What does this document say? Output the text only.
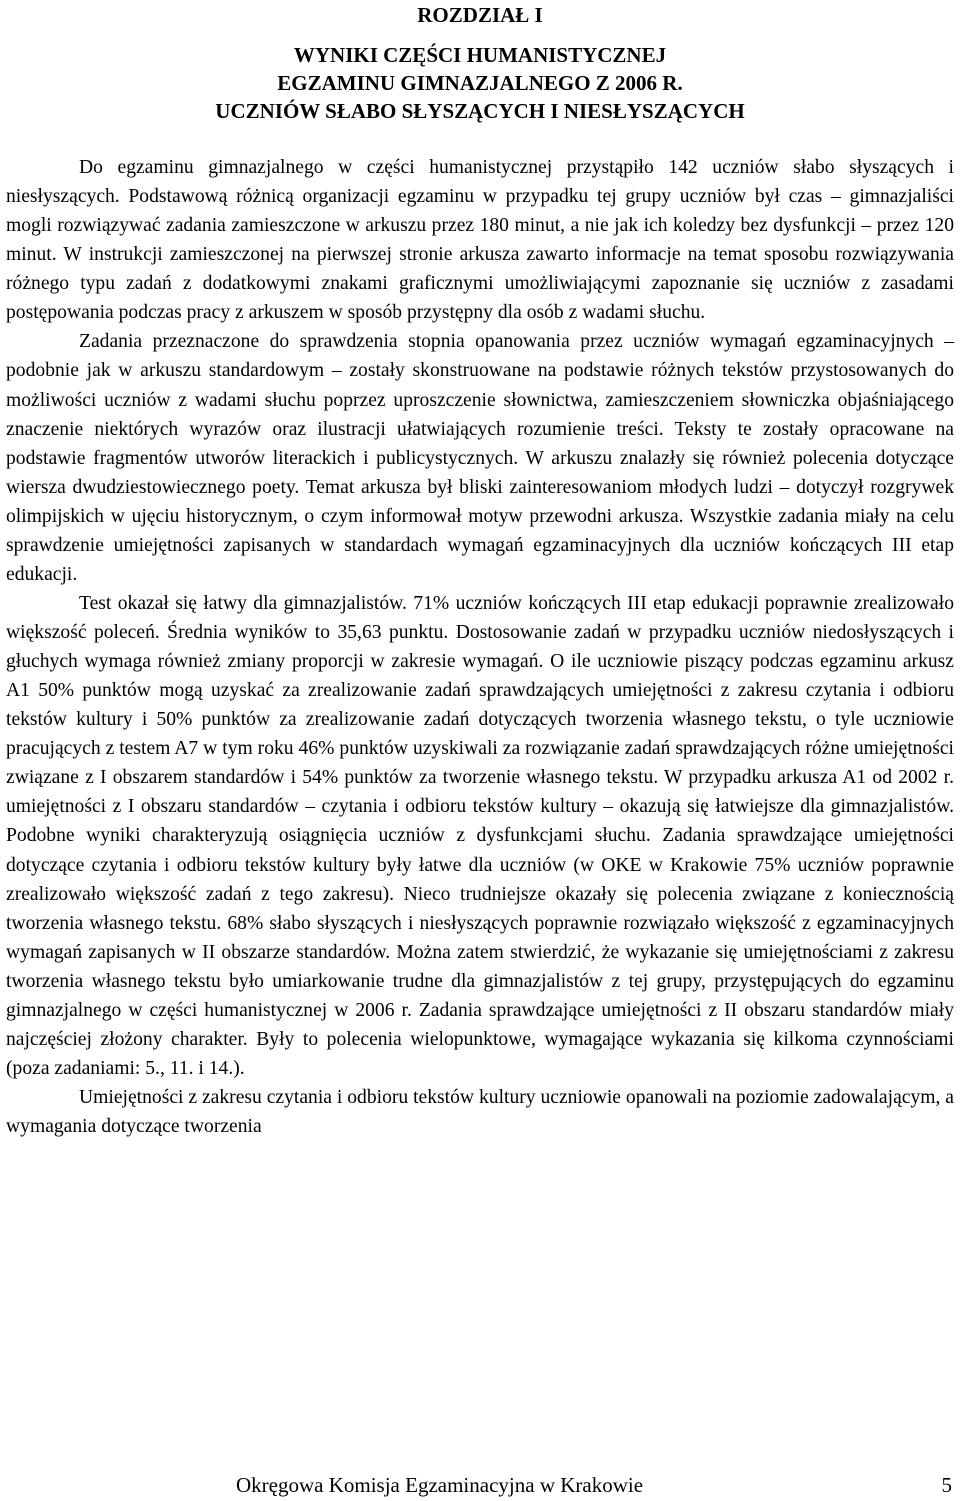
ROZDZIAŁ I
WYNIKI CZĘŚCI HUMANISTYCZNEJ
EGZAMINU GIMNAZJALNEGO Z 2006 R.
UCZNIÓW SŁABO SŁYSZĄCYCH I NIESŁYSZĄCYCH

Do egzaminu gimnazjalnego w części humanistycznej przystąpiło 142 uczniów słabo słyszących i niesłyszących. Podstawową różnicą organizacji egzaminu w przypadku tej grupy uczniów był czas – gimnazjaliści mogli rozwiązywać zadania zamieszczone w arkuszu przez 180 minut, a nie jak ich koledzy bez dysfunkcji – przez 120 minut. W instrukcji zamieszczonej na pierwszej stronie arkusza zawarto informacje na temat sposobu rozwiązywania różnego typu zadań z dodatkowymi znakami graficznymi umożliwiającymi zapoznanie się uczniów z zasadami postępowania podczas pracy z arkuszem w sposób przystępny dla osób z wadami słuchu.

Zadania przeznaczone do sprawdzenia stopnia opanowania przez uczniów wymagań egzaminacyjnych – podobnie jak w arkuszu standardowym – zostały skonstruowane na podstawie różnych tekstów przystosowanych do możliwości uczniów z wadami słuchu poprzez uproszczenie słownictwa, zamieszczeniem słowniczka objaśniającego znaczenie niektórych wyrazów oraz ilustracji ułatwiających rozumienie treści. Teksty te zostały opracowane na podstawie fragmentów utworów literackich i publicystycznych. W arkuszu znalazły się również polecenia dotyczące wiersza dwudziestowiecznego poety. Temat arkusza był bliski zainteresowaniom młodych ludzi – dotyczył rozgrywek olimpijskich w ujęciu historycznym, o czym informował motyw przewodni arkusza. Wszystkie zadania miały na celu sprawdzenie umiejętności zapisanych w standardach wymagań egzaminacyjnych dla uczniów kończących III etap edukacji.

Test okazał się łatwy dla gimnazjalistów. 71% uczniów kończących III etap edukacji poprawnie zrealizowało większość poleceń. Średnia wyników to 35,63 punktu. Dostosowanie zadań w przypadku uczniów niedosłyszących i głuchych wymaga również zmiany proporcji w zakresie wymagań. O ile uczniowie piszący podczas egzaminu arkusz A1 50% punktów mogą uzyskać za zrealizowanie zadań sprawdzających umiejętności z zakresu czytania i odbioru tekstów kultury i 50% punktów za zrealizowanie zadań dotyczących tworzenia własnego tekstu, o tyle uczniowie pracujących z testem A7 w tym roku 46% punktów uzyskiwali za rozwiązanie zadań sprawdzających różne umiejętności związane z I obszarem standardów i 54% punktów za tworzenie własnego tekstu. W przypadku arkusza A1 od 2002 r. umiejętności z I obszaru standardów – czytania i odbioru tekstów kultury – okazują się łatwiejsze dla gimnazjalistów. Podobne wyniki charakteryzują osiągnięcia uczniów z dysfunkcjami słuchu. Zadania sprawdzające umiejętności dotyczące czytania i odbioru tekstów kultury były łatwe dla uczniów (w OKE w Krakowie 75% uczniów poprawnie zrealizowało większość zadań z tego zakresu). Nieco trudniejsze okazały się polecenia związane z koniecznością tworzenia własnego tekstu. 68% słabo słyszących i niesłyszących poprawnie rozwiązało większość z egzaminacyjnych wymagań zapisanych w II obszarze standardów. Można zatem stwierdzić, że wykazanie się umiejętnościami z zakresu tworzenia własnego tekstu było umiarkowanie trudne dla gimnazjalistów z tej grupy, przystępujących do egzaminu gimnazjalnego w części humanistycznej w 2006 r. Zadania sprawdzające umiejętności z II obszaru standardów miały najczęściej złożony charakter. Były to polecenia wielopunktowe, wymagające wykazania się kilkoma czynnościami (poza zadaniami: 5., 11. i 14.).

Umiejętności z zakresu czytania i odbioru tekstów kultury uczniowie opanowali na poziomie zadowalającym, a wymagania dotyczące tworzenia

Okręgowa Komisja Egzaminacyjna w Krakowie	5
